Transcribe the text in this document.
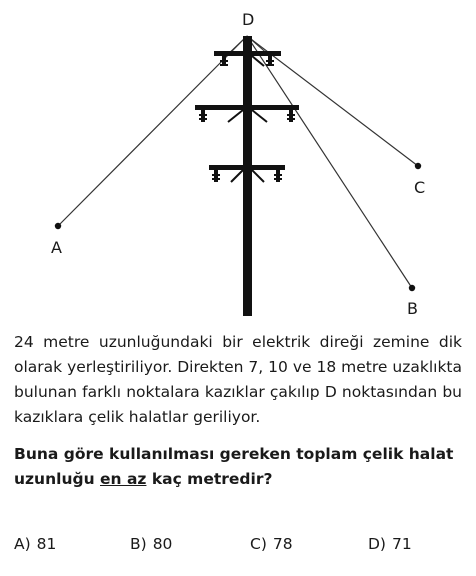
D
A
C
B

24 metre uzunluğundaki bir elektrik direği zemine dik olarak yerleştiriliyor. Direkten 7, 10 ve 18 metre uzaklıkta bulunan farklı noktalara kazıklar çakılıp D noktasından bu kazıklara çelik halatlar geriliyor.

Buna göre kullanılması gereken toplam çelik halat uzunluğu en az kaç metredir?

A) 81	B) 80	C) 78	D) 71
